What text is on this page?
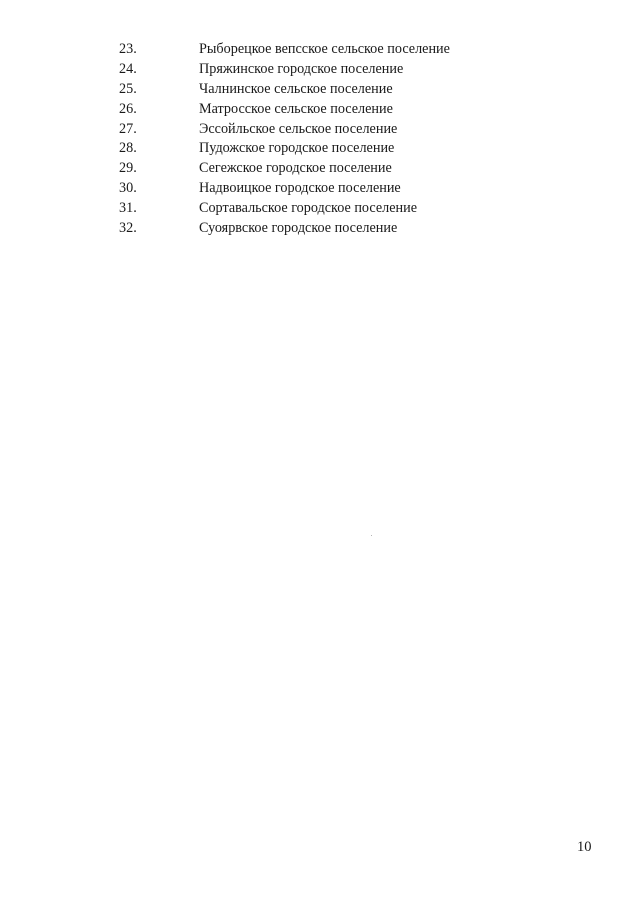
23.	Рыборецкое вепсское сельское поселение
24.	Пряжинское городское поселение
25.	Чалнинское сельское поселение
26.	Матросское сельское поселение
27.	Эссойльское сельское поселение
28.	Пудожское городское поселение
29.	Сегежское городское поселение
30.	Надвоицкое городское поселение
31.	Сортавальское городское поселение
32.	Суоярвское городское поселение
10
